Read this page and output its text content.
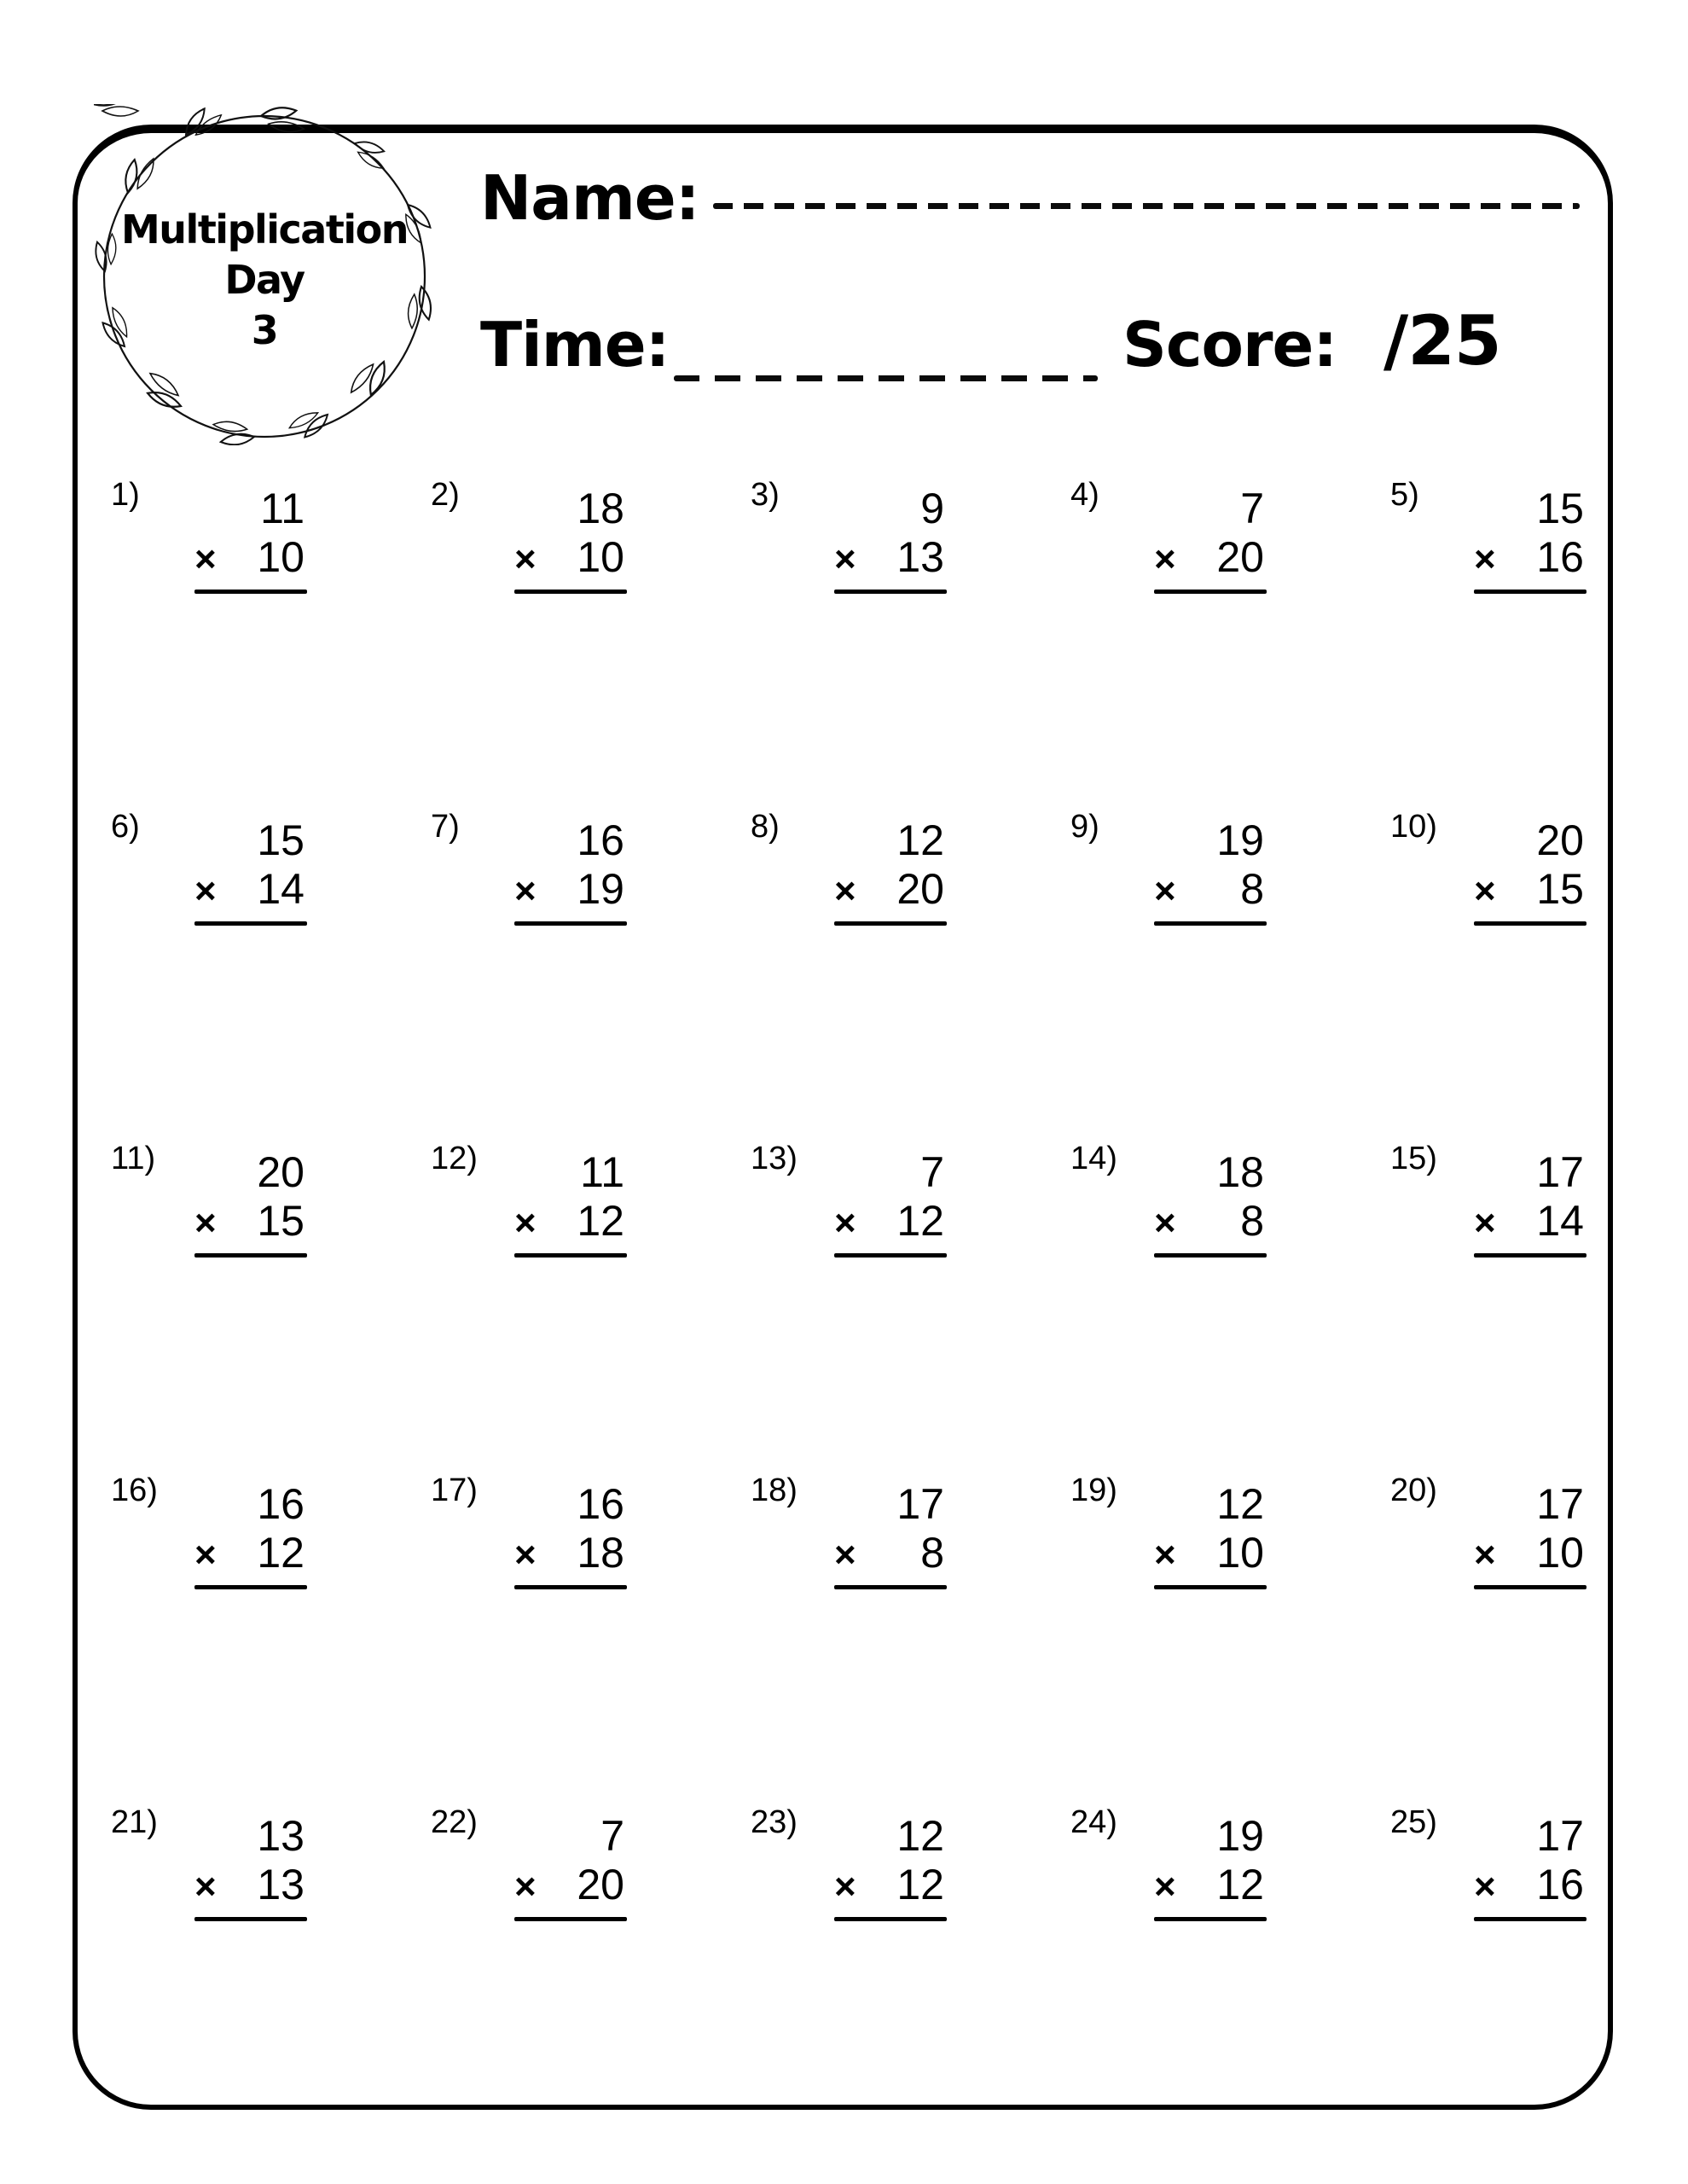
Multiplication
Day
3
Name:
Time:	Score: /25
1)	11
× 10
2)	18
× 10
3)	9
× 13
4)	7
× 20
5)	15
× 16
6)	15
× 14
7)	16
× 19
8)	12
× 20
9)	19
× 8
10)	20
× 15
11)	20
× 15
12)	11
× 12
13)	7
× 12
14)	18
× 8
15)	17
× 14
16)	16
× 12
17)	16
× 18
18)	17
× 8
19)	12
× 10
20)	17
× 10
21)	13
× 13
22)	7
× 20
23)	12
× 12
24)	19
× 12
25)	17
× 16
